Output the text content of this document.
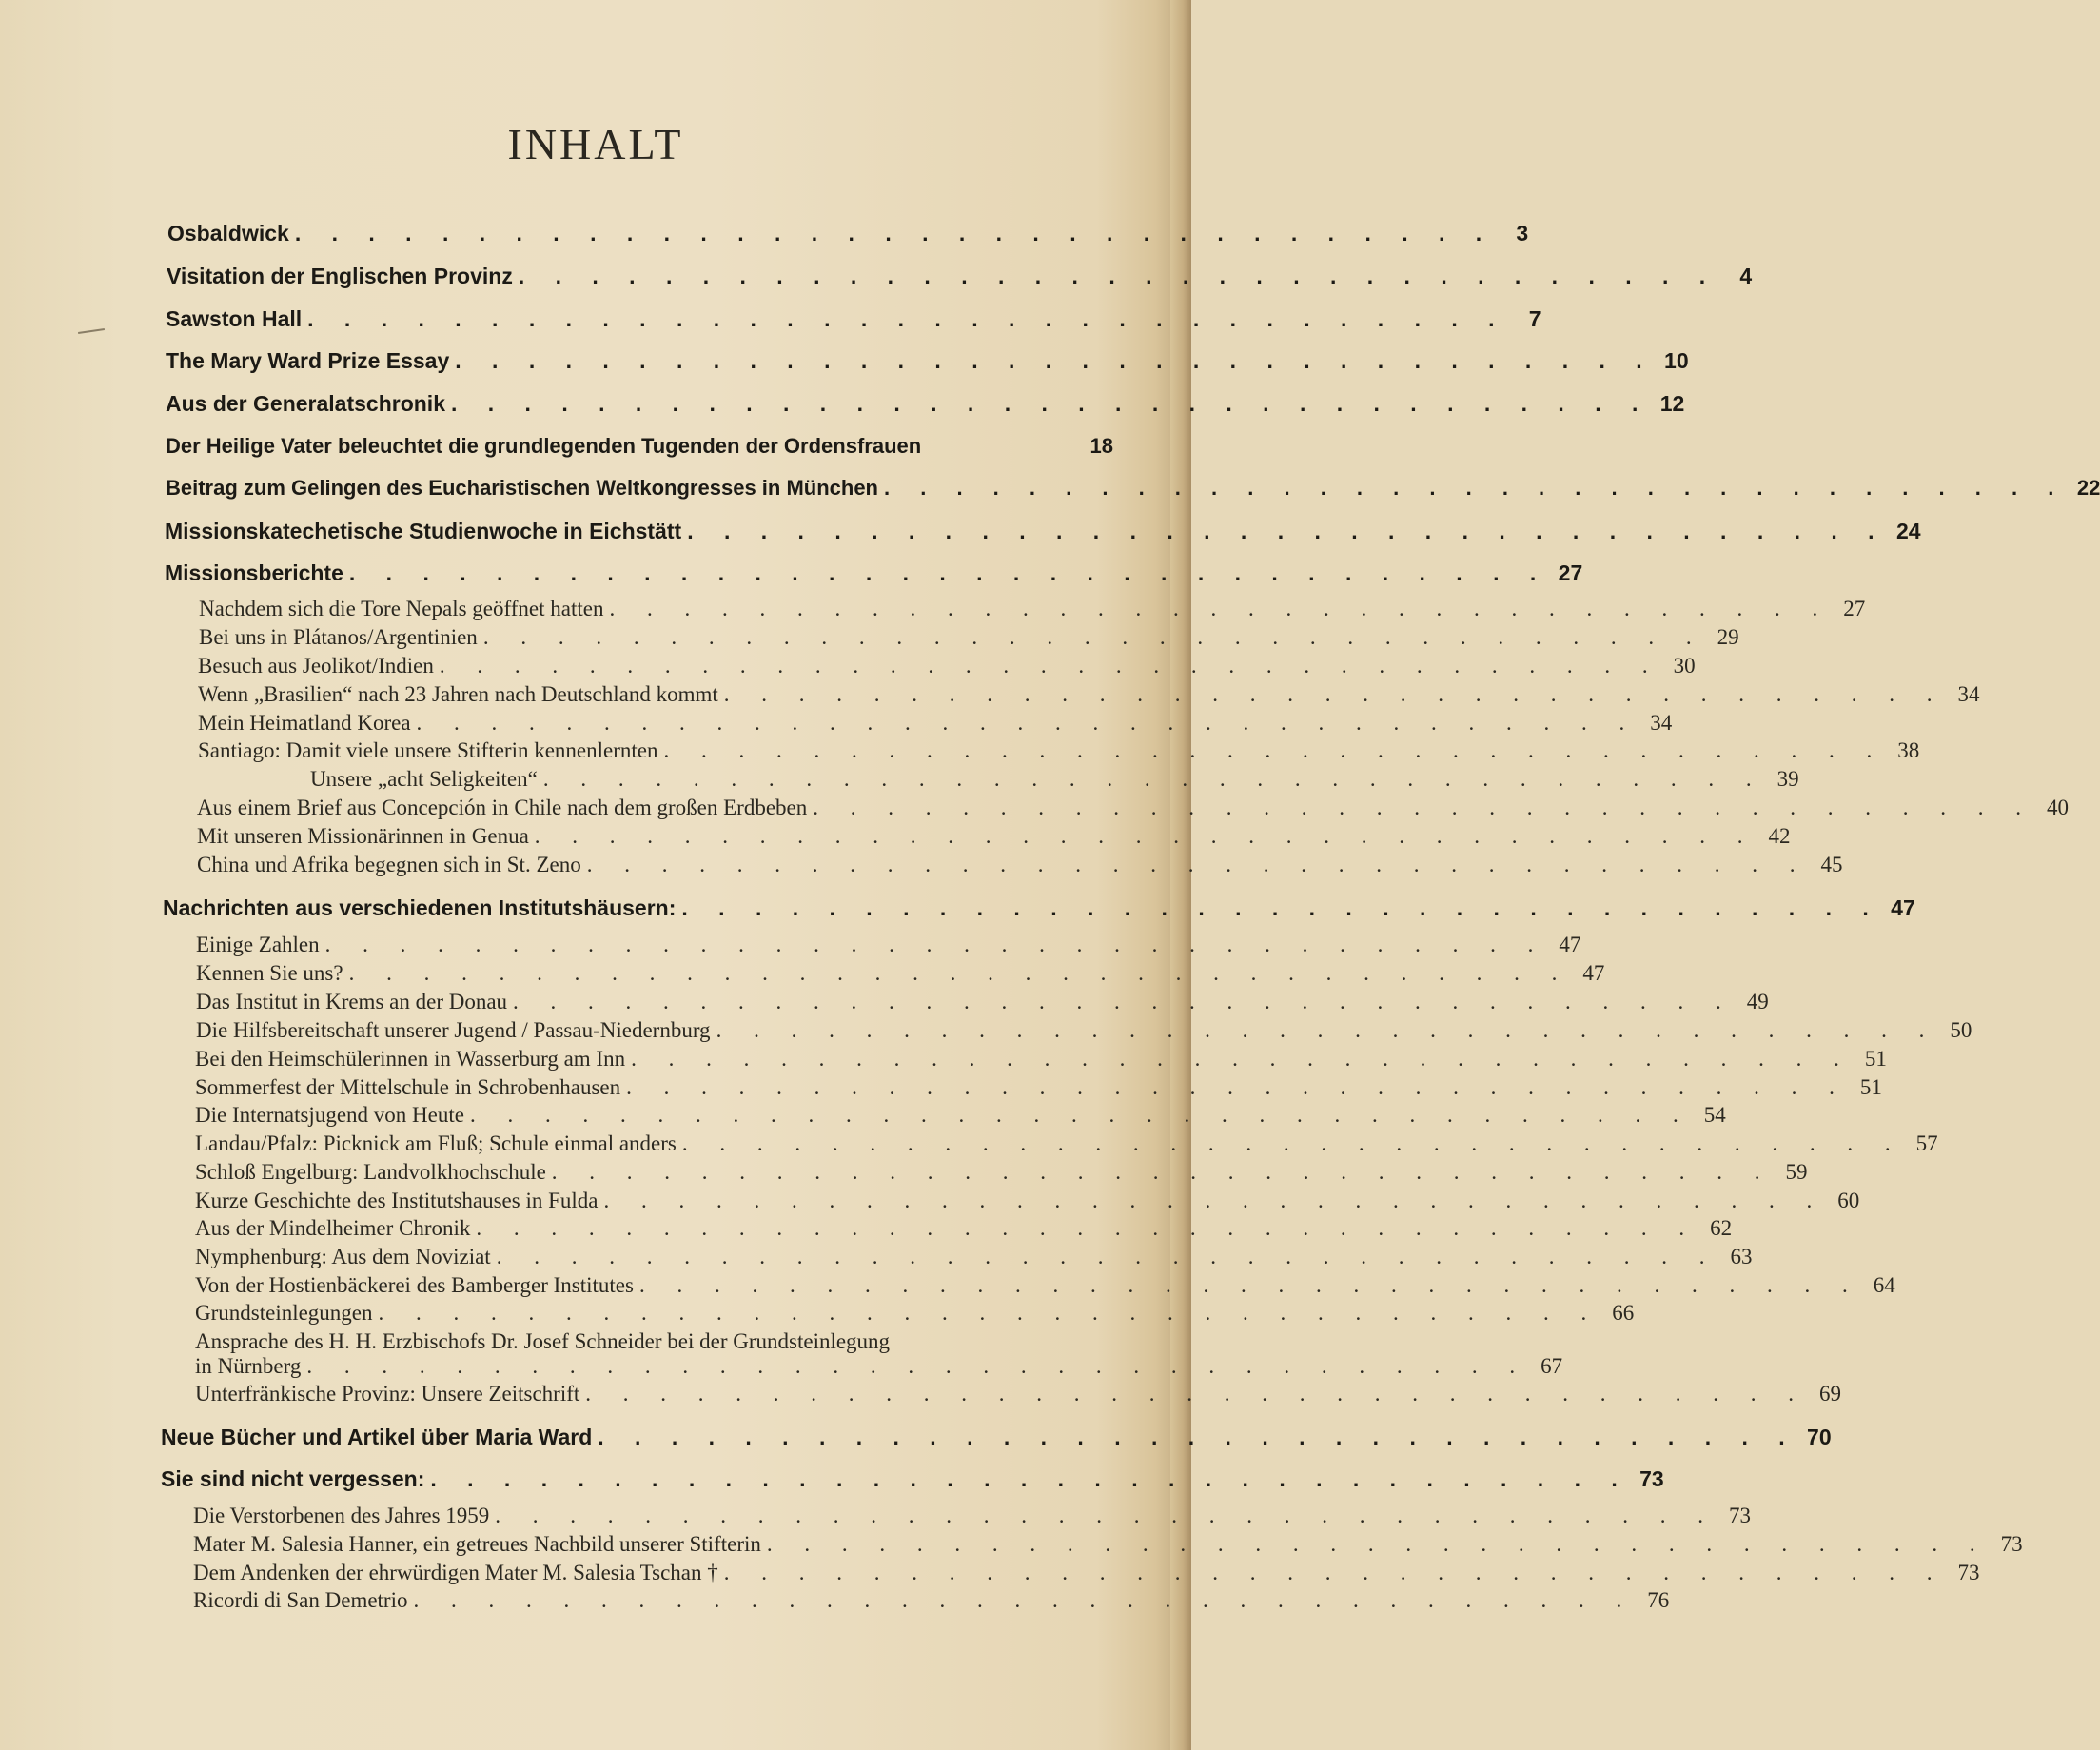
INHALT
Osbaldwick . . . . . . . . . . . . . . . . . . . . . . . . . . . . . . . . .	3
Visitation der Englischen Provinz . . . . . . . . . . . . . . . . . . . . . . . . . . . . . . . . .	4
Sawston Hall . . . . . . . . . . . . . . . . . . . . . . . . . . . . . . . . .	7
The Mary Ward Prize Essay . . . . . . . . . . . . . . . . . . . . . . . . . . . . . . . . . 10
Aus der Generalatschronik . . . . . . . . . . . . . . . . . . . . . . . . . . . . . . . . . 12
Der Heilige Vater beleuchtet die grundlegenden Tugenden der Ordensfrauen	18
Beitrag zum Gelingen des Eucharistischen Weltkongresses in München . . . . . . . . . . . . . . . . . . . . . . . . . . . . . . . . . 22
Missionskatechetische Studienwoche in Eichstätt . . . . . . . . . . . . . . . . . . . . . . . . . . . . . . . . . 24
Missionsberichte . . . . . . . . . . . . . . . . . . . . . . . . . . . . . . . . . 27
Nachdem sich die Tore Nepals geöffnet hatten . . . . . . . . . . . . . . . . . . . . . . . . . . . . . . . . . 27
Bei uns in Plátanos/Argentinien . . . . . . . . . . . . . . . . . . . . . . . . . . . . . . . . . 29
Besuch aus Jeolikot/Indien . . . . . . . . . . . . . . . . . . . . . . . . . . . . . . . . . 30
Wenn „Brasilien“ nach 23 Jahren nach Deutschland kommt . . . . . . . . . . . . . . . . . . . . . . . . . . . . . . . . . 34
Mein Heimatland Korea . . . . . . . . . . . . . . . . . . . . . . . . . . . . . . . . . 34
Santiago: Damit viele unsere Stifterin kennenlernten . . . . . . . . . . . . . . . . . . . . . . . . . . . . . . . . . 38
Unsere „acht Seligkeiten“ . . . . . . . . . . . . . . . . . . . . . . . . . . . . . . . . . 39
Aus einem Brief aus Concepción in Chile nach dem großen Erdbeben . . . . . . . . . . . . . . . . . . . . . . . . . . . . . . . . . 40
Mit unseren Missionärinnen in Genua . . . . . . . . . . . . . . . . . . . . . . . . . . . . . . . . . 42
China und Afrika begegnen sich in St. Zeno . . . . . . . . . . . . . . . . . . . . . . . . . . . . . . . . . 45
Nachrichten aus verschiedenen Institutshäusern: . . . . . . . . . . . . . . . . . . . . . . . . . . . . . . . . . 47
Einige Zahlen . . . . . . . . . . . . . . . . . . . . . . . . . . . . . . . . . 47
Kennen Sie uns? . . . . . . . . . . . . . . . . . . . . . . . . . . . . . . . . . 47
Das Institut in Krems an der Donau . . . . . . . . . . . . . . . . . . . . . . . . . . . . . . . . . 49
Die Hilfsbereitschaft unserer Jugend / Passau-Niedernburg . . . . . . . . . . . . . . . . . . . . . . . . . . . . . . . . . 50
Bei den Heimschülerinnen in Wasserburg am Inn . . . . . . . . . . . . . . . . . . . . . . . . . . . . . . . . . 51
Sommerfest der Mittelschule in Schrobenhausen . . . . . . . . . . . . . . . . . . . . . . . . . . . . . . . . . 51
Die Internatsjugend von Heute . . . . . . . . . . . . . . . . . . . . . . . . . . . . . . . . . 54
Landau/Pfalz: Picknick am Fluß; Schule einmal anders . . . . . . . . . . . . . . . . . . . . . . . . . . . . . . . . . 57
Schloß Engelburg: Landvolkhochschule . . . . . . . . . . . . . . . . . . . . . . . . . . . . . . . . . 59
Kurze Geschichte des Institutshauses in Fulda . . . . . . . . . . . . . . . . . . . . . . . . . . . . . . . . . 60
Aus der Mindelheimer Chronik . . . . . . . . . . . . . . . . . . . . . . . . . . . . . . . . . 62
Nymphenburg: Aus dem Noviziat . . . . . . . . . . . . . . . . . . . . . . . . . . . . . . . . . 63
Von der Hostienbäckerei des Bamberger Institutes . . . . . . . . . . . . . . . . . . . . . . . . . . . . . . . . . 64
Grundsteinlegungen . . . . . . . . . . . . . . . . . . . . . . . . . . . . . . . . . 66
Ansprache des H. H. Erzbischofs Dr. Josef Schneider bei der Grundsteinlegung
in Nürnberg . . . . . . . . . . . . . . . . . . . . . . . . . . . . . . . . . 67
Unterfränkische Provinz: Unsere Zeitschrift . . . . . . . . . . . . . . . . . . . . . . . . . . . . . . . . . 69
Neue Bücher und Artikel über Maria Ward . . . . . . . . . . . . . . . . . . . . . . . . . . . . . . . . . 70
Sie sind nicht vergessen: . . . . . . . . . . . . . . . . . . . . . . . . . . . . . . . . . 73
Die Verstorbenen des Jahres 1959 . . . . . . . . . . . . . . . . . . . . . . . . . . . . . . . . . 73
Mater M. Salesia Hanner, ein getreues Nachbild unserer Stifterin . . . . . . . . . . . . . . . . . . . . . . . . . . . . . . . . . 73
Dem Andenken der ehrwürdigen Mater M. Salesia Tschan † . . . . . . . . . . . . . . . . . . . . . . . . . . . . . . . . . 73
Ricordi di San Demetrio . . . . . . . . . . . . . . . . . . . . . . . . . . . . . . . . . 76
